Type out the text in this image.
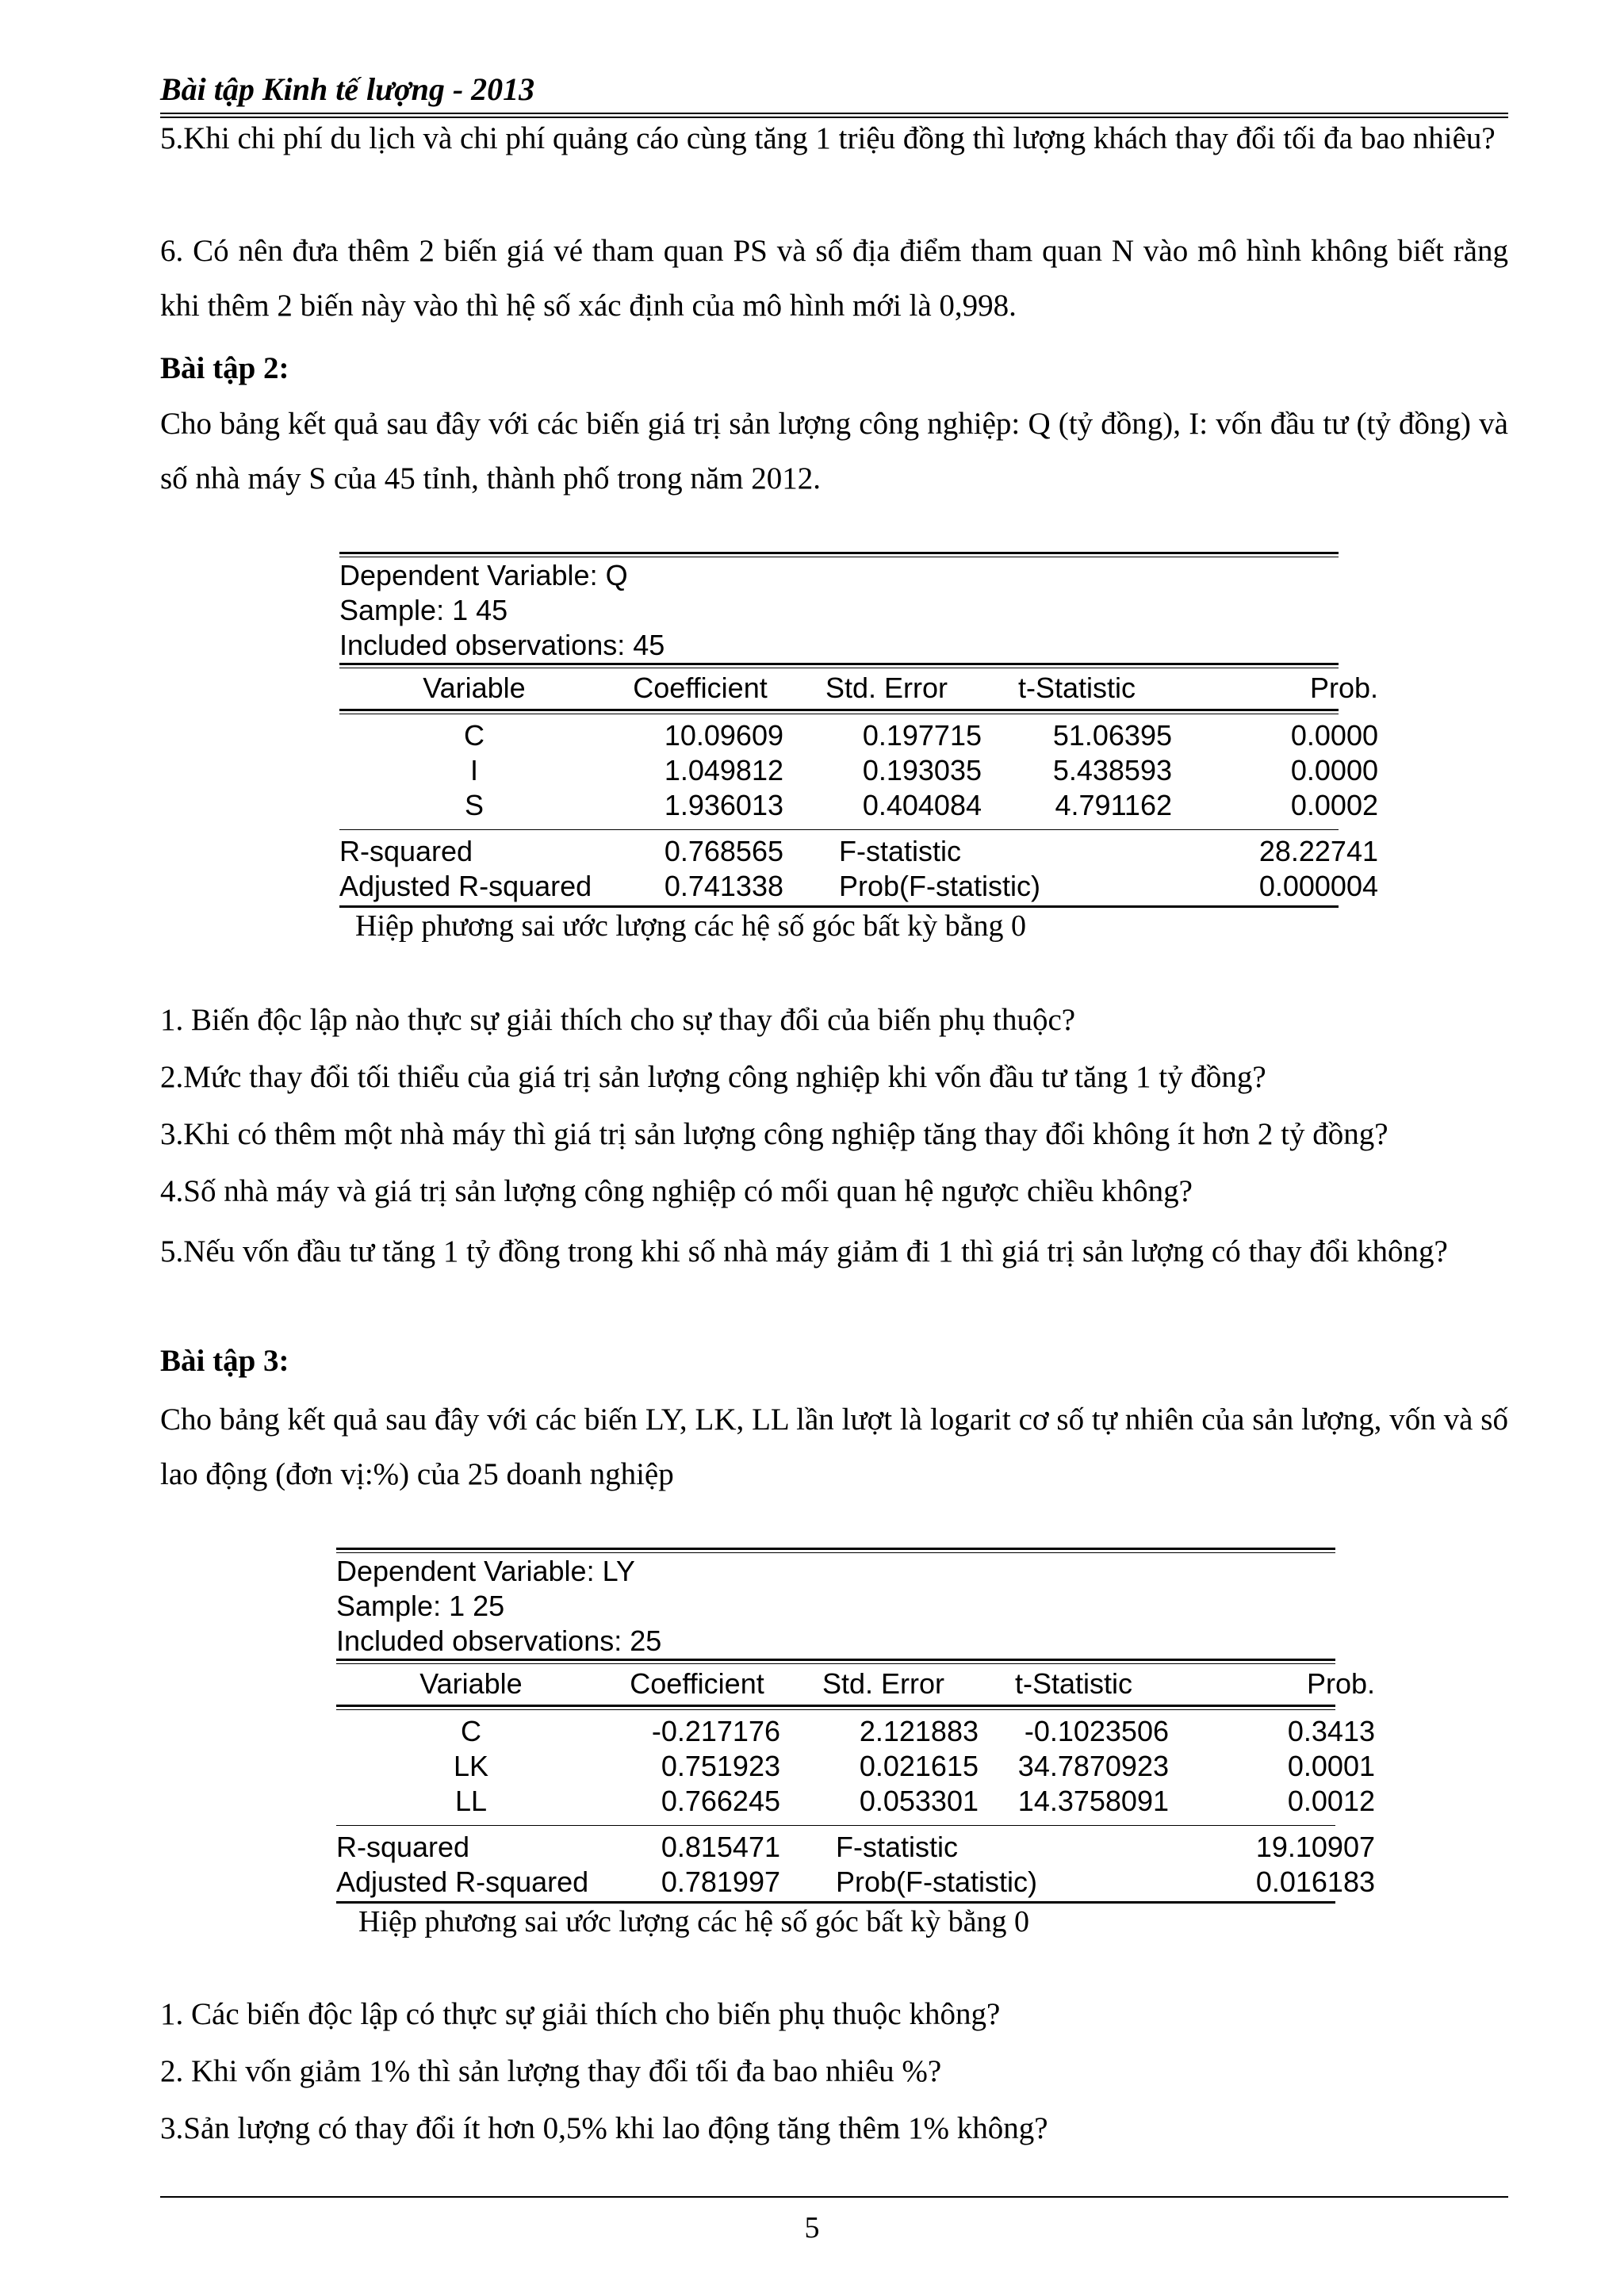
Bài tập Kinh tế lượng - 2013

5.Khi chi phí du lịch và chi phí quảng cáo cùng tăng 1 triệu đồng thì lượng khách thay đổi tối đa bao nhiêu?

6. Có nên đưa thêm 2 biến giá vé tham quan PS và số địa điểm tham quan N vào mô hình không biết rằng khi thêm 2 biến này vào thì hệ số xác định của mô hình mới là 0,998.

Bài tập 2:

Cho bảng kết quả sau đây với các biến giá trị sản lượng công nghiệp: Q (tỷ đồng), I: vốn đầu tư (tỷ đồng) và số nhà máy S của 45 tỉnh, thành phố trong năm 2012.

Dependent Variable: Q
Sample: 1 45
Included observations: 45
Variable	Coefficient	Std. Error	t-Statistic	Prob.
C	10.09609	0.197715	51.06395	0.0000
I	1.049812	0.193035	5.438593	0.0000
S	1.936013	0.404084	4.791162	0.0002
R-squared	0.768565 F-statistic	28.22741
Adjusted R-squared	0.741338 Prob(F-statistic)	0.000004

Hiệp phương sai ước lượng các hệ số góc bất kỳ bằng 0

1. Biến độc lập nào thực sự giải thích cho sự thay đổi của biến phụ thuộc?

2.Mức thay đổi tối thiểu của giá trị sản lượng công nghiệp khi vốn đầu tư tăng 1 tỷ đồng?

3.Khi có thêm một nhà máy thì giá trị sản lượng công nghiệp tăng thay đổi không ít hơn 2 tỷ đồng?

4.Số nhà máy và giá trị sản lượng công nghiệp có mối quan hệ ngược chiều không?

5.Nếu vốn đầu tư tăng 1 tỷ đồng trong khi số nhà máy giảm đi 1 thì giá trị sản lượng có thay đổi không?

Bài tập 3:

Cho bảng kết quả sau đây với các biến LY, LK, LL lần lượt là logarit cơ số tự nhiên của sản lượng, vốn và số lao động (đơn vị:%) của 25 doanh nghiệp

Dependent Variable: LY
Sample: 1 25
Included observations: 25
Variable	Coefficient	Std. Error	t-Statistic	Prob.
C	-0.217176	2.121883	-0.1023506	0.3413
LK	0.751923	0.021615	34.7870923	0.0001
LL	0.766245	0.053301	14.3758091	0.0012
R-squared	0.815471 F-statistic	19.10907
Adjusted R-squared	0.781997 Prob(F-statistic)	0.016183

Hiệp phương sai ước lượng các hệ số góc bất kỳ bằng 0

1. Các biến độc lập có thực sự giải thích cho biến phụ thuộc không?

2. Khi vốn giảm 1% thì sản lượng thay đổi tối đa bao nhiêu %?

3.Sản lượng có thay đổi ít hơn 0,5% khi lao động tăng thêm 1% không?

5
